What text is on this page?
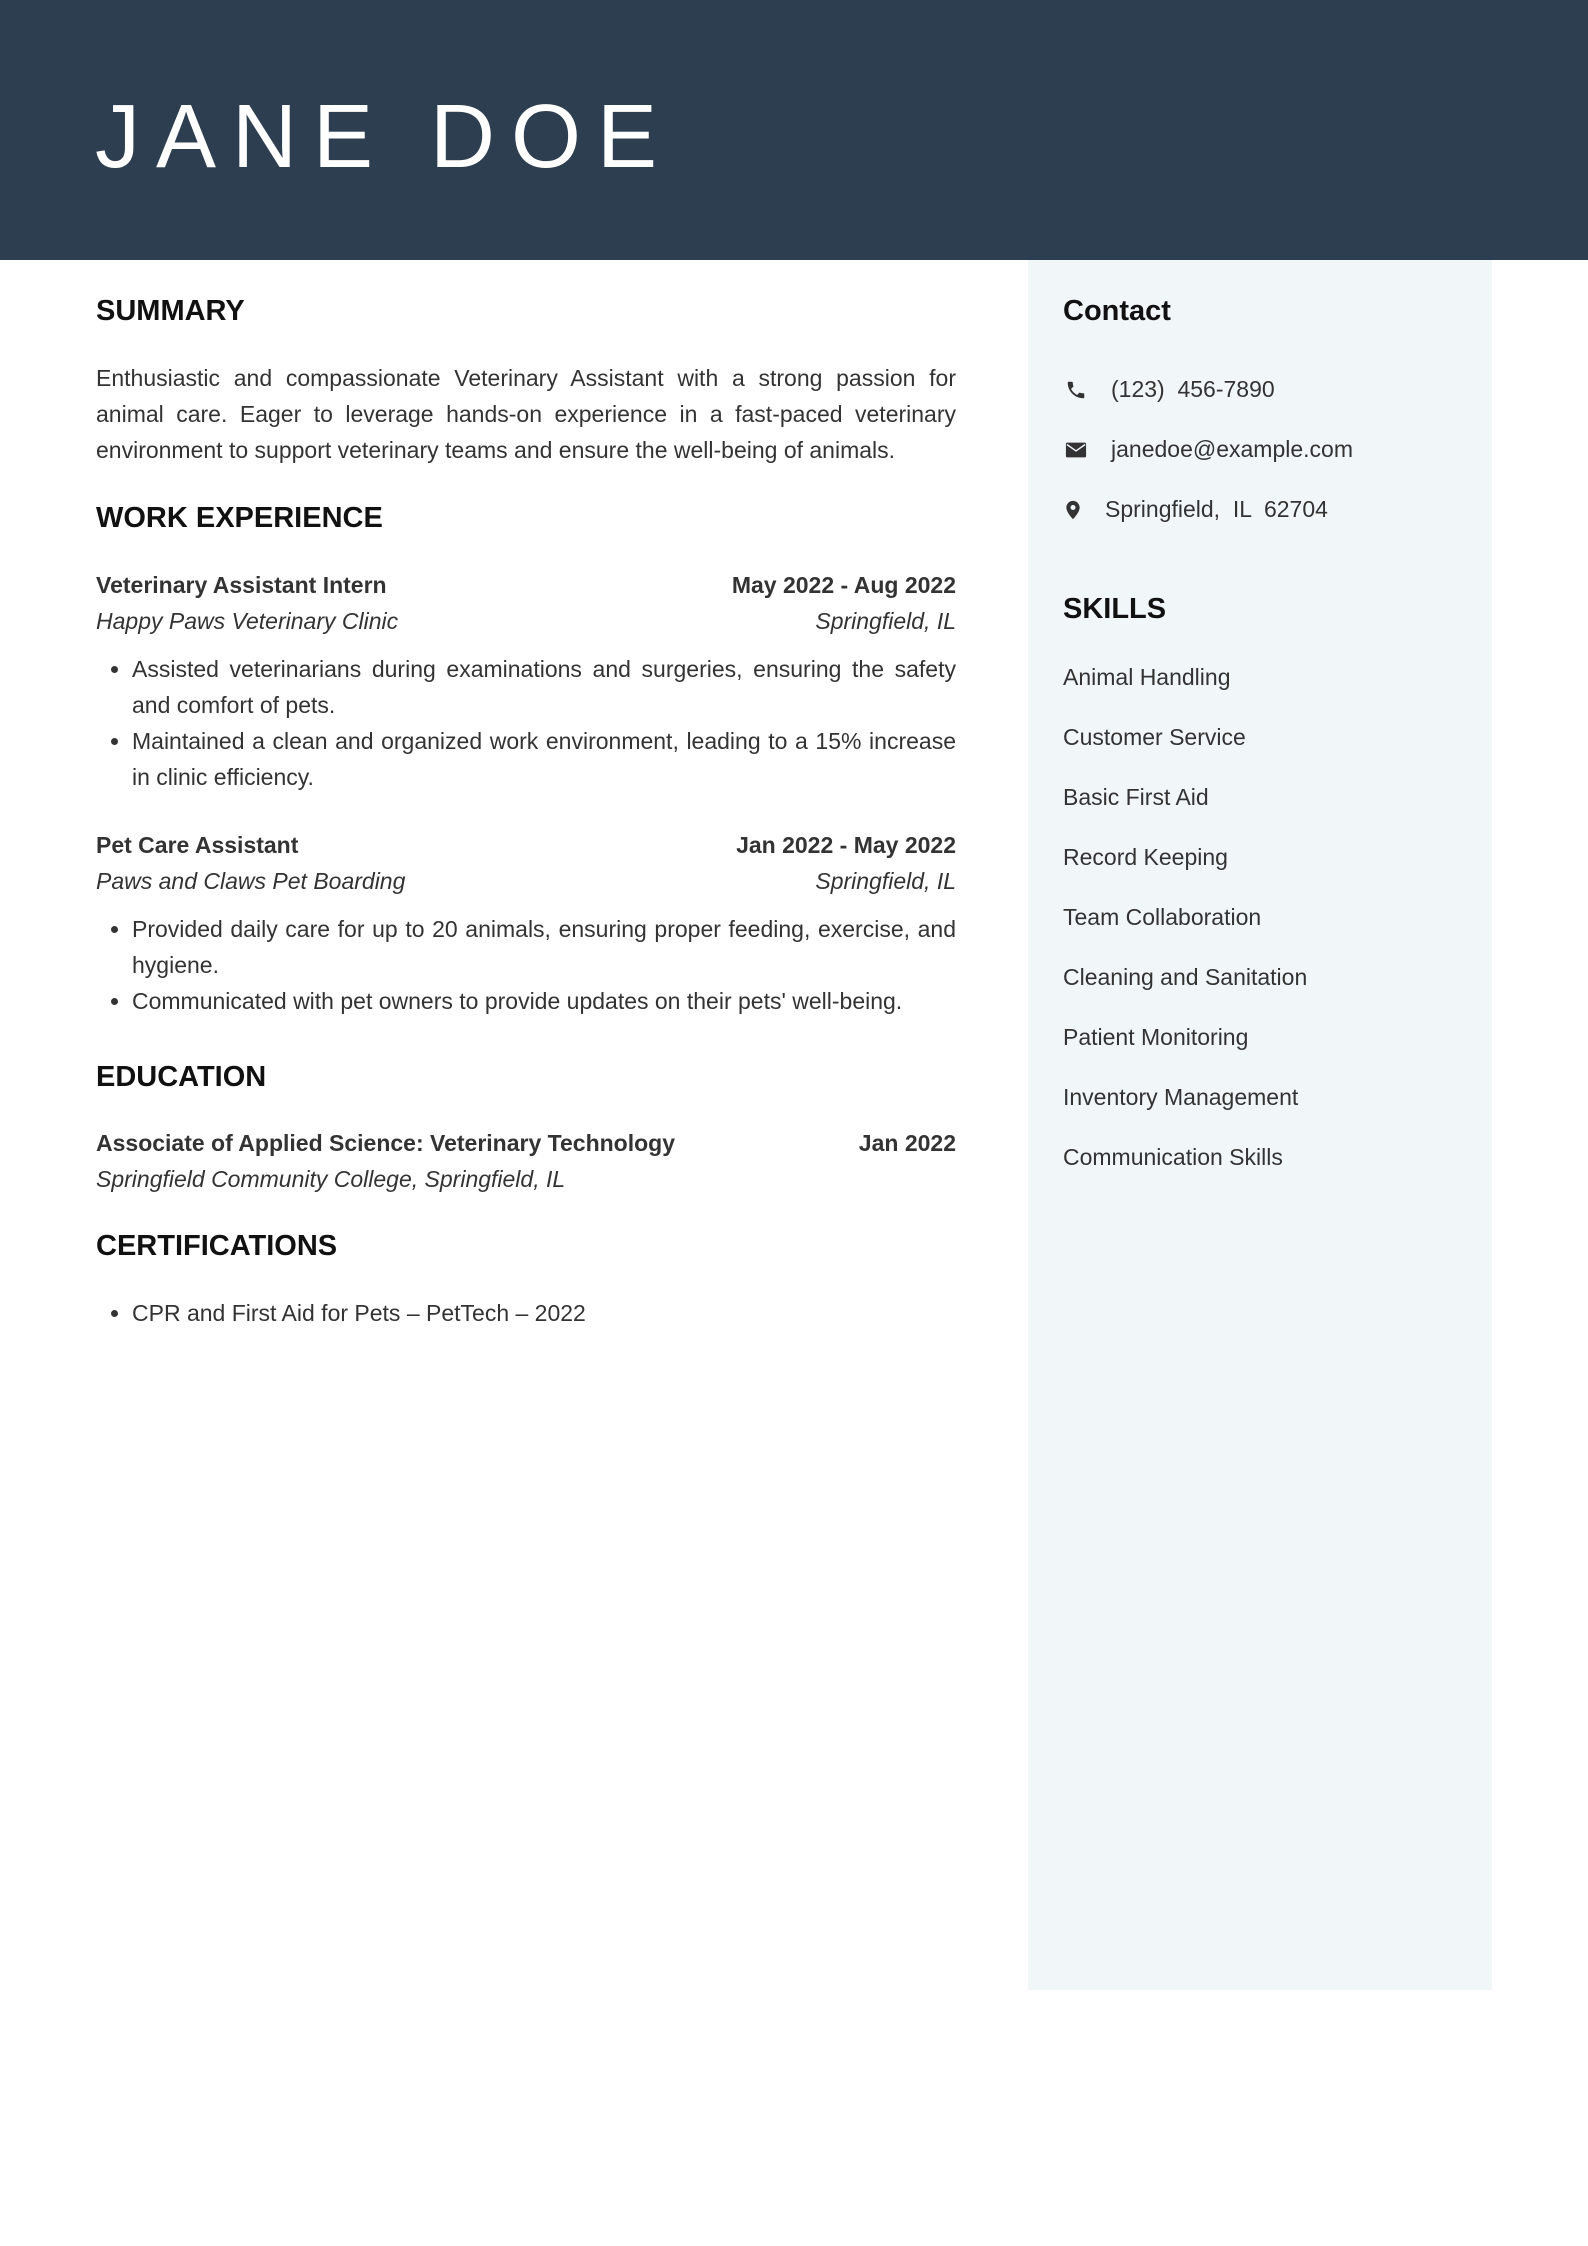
JANE DOE
SUMMARY

Enthusiastic and compassionate Veterinary Assistant with a strong passion for animal care. Eager to leverage hands-on experience in a fast-paced veterinary environment to support veterinary teams and ensure the well-being of animals.

WORK EXPERIENCE
Veterinary Assistant Intern	May 2022 - Aug 2022
Happy Paws Veterinary Clinic	Springfield, IL
• Assisted veterinarians during examinations and surgeries, ensuring the safety and comfort of pets.
• Maintained a clean and organized work environment, leading to a 15% increase in clinic efficiency.
Pet Care Assistant	Jan 2022 - May 2022
Paws and Claws Pet Boarding	Springfield, IL
• Provided daily care for up to 20 animals, ensuring proper feeding, exercise, and hygiene.
• Communicated with pet owners to provide updates on their pets' well-being.
EDUCATION
Associate of Applied Science: Veterinary Technology	Jan 2022
Springfield Community College, Springfield, IL
CERTIFICATIONS
• CPR and First Aid for Pets – PetTech – 2022
Contact
(123)  456-7890
janedoe@example.com
Springfield,  IL  62704
SKILLS
Animal Handling
Customer Service
Basic First Aid
Record Keeping
Team Collaboration
Cleaning and Sanitation
Patient Monitoring
Inventory Management
Communication Skills
